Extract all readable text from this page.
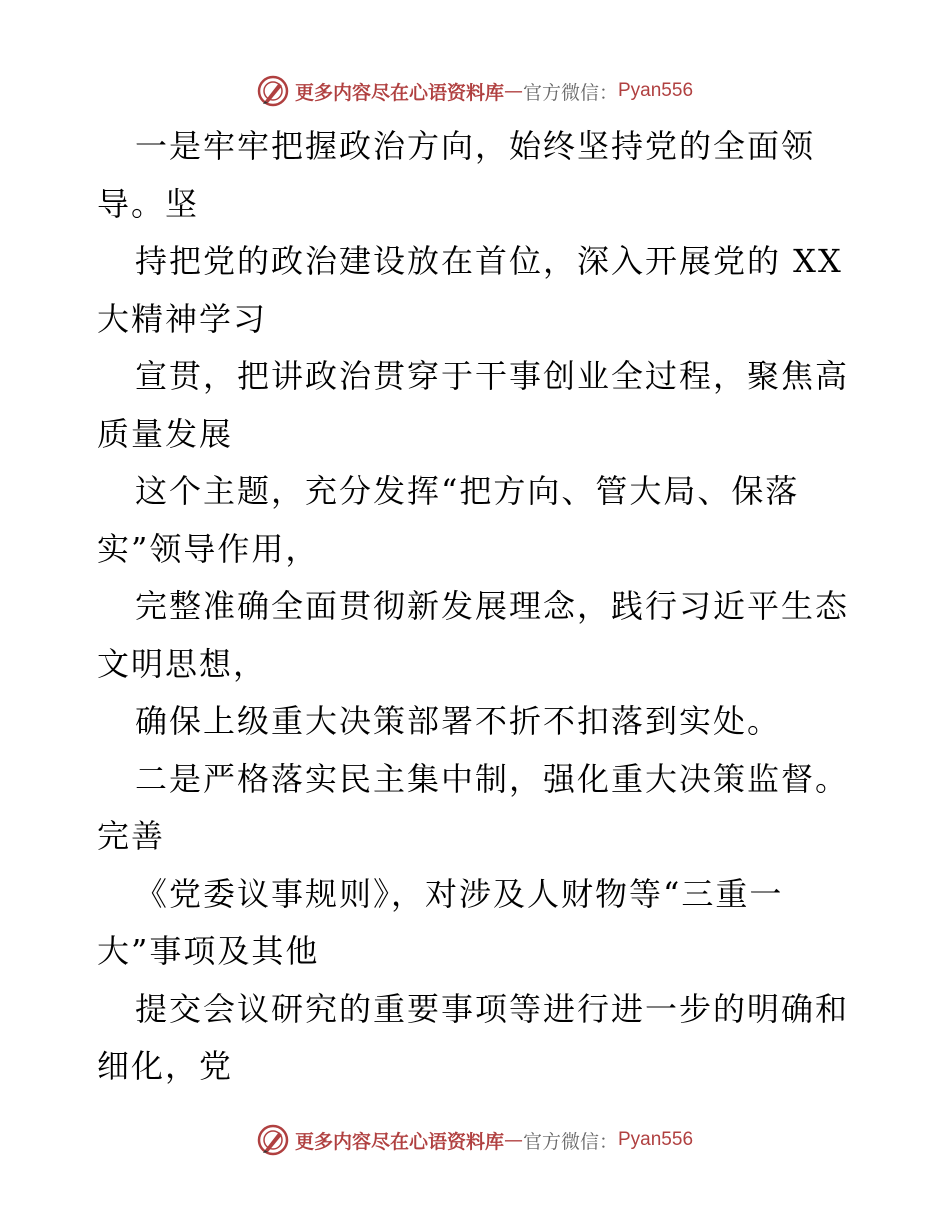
更多内容尽在心语资料库 — 官方微信： Pyan556
一是牢牢把握政治方向，始终坚持党的全面领
导。坚
持把党的政治建设放在首位，深入开展党的 XX
大精神学习
宣贯，把讲政治贯穿于干事创业全过程，聚焦高
质量发展
这个主题，充分发挥“把方向、管大局、保落
实”领导作用，
完整准确全面贯彻新发展理念，践行习近平生态
文明思想，
确保上级重大决策部署不折不扣落到实处。
二是严格落实民主集中制，强化重大决策监督。
完善
《党委议事规则》，对涉及人财物等“三重一
大”事项及其他
提交会议研究的重要事项等进行进一步的明确和
细化，党
更多内容尽在心语资料库 — 官方微信： Pyan556
